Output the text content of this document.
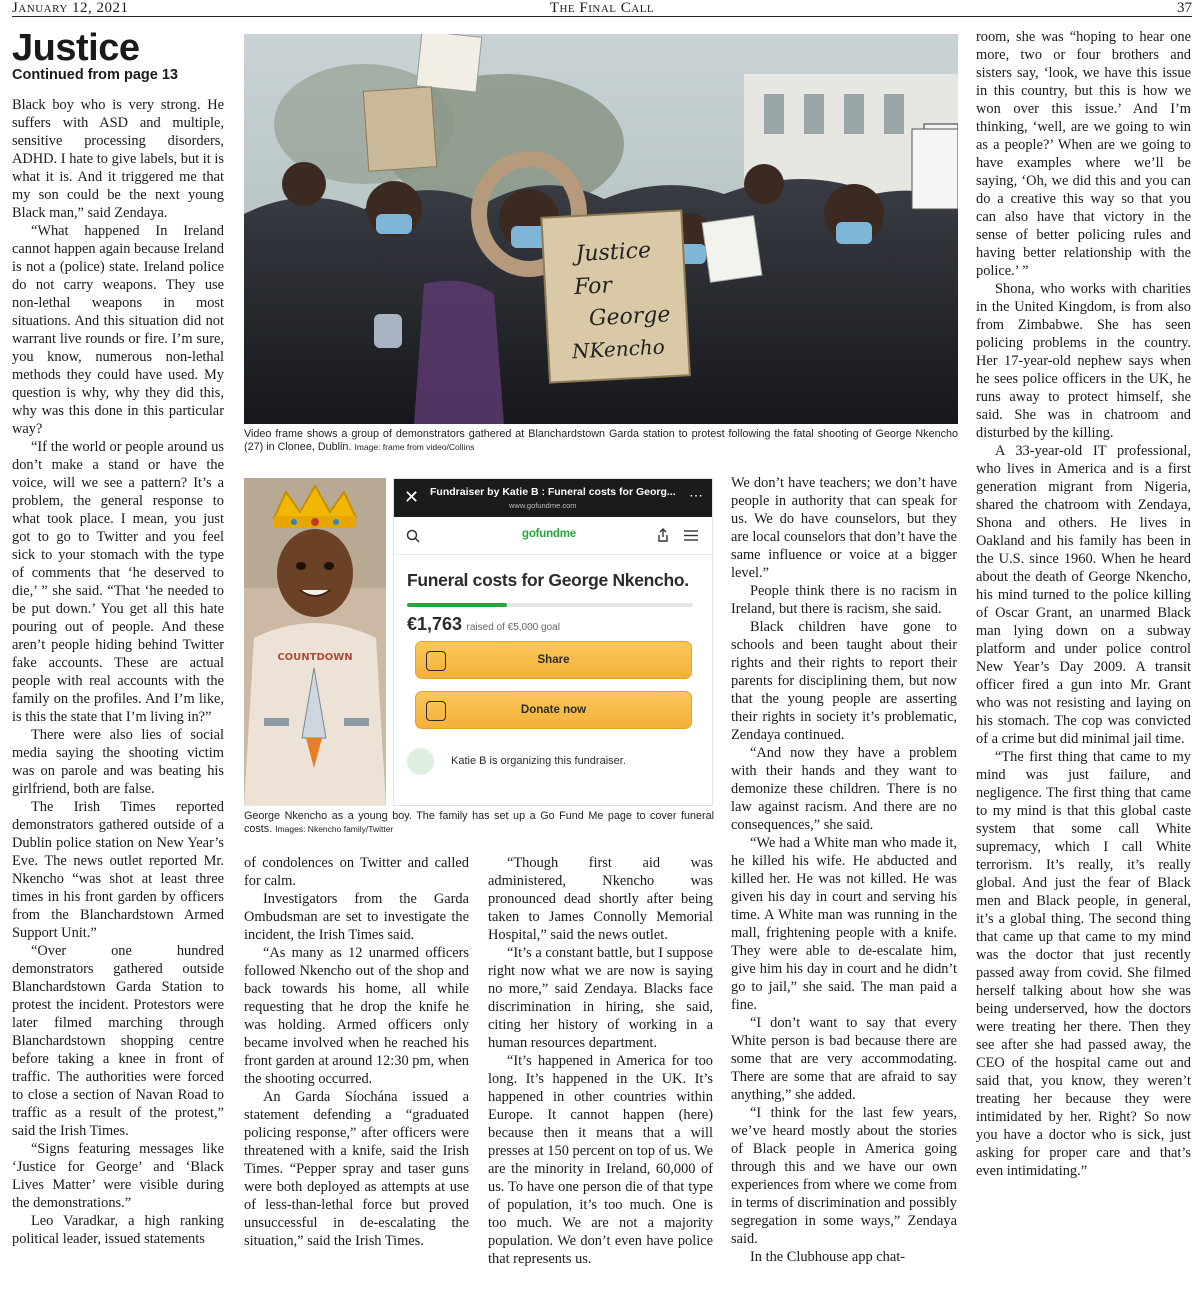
January 12, 2021	The Final Call	37
Justice
Continued from page 13

Black boy who is very strong. He suffers with ASD and multiple, sensitive processing disorders, ADHD. I hate to give labels, but it is what it is. And it triggered me that my son could be the next young Black man,” said Zendaya.

“What happened In Ireland cannot happen again because Ireland is not a (police) state. Ireland police do not carry weapons. They use non-lethal weapons in most situations. And this situation did not warrant live rounds or fire. I’m sure, you know, numerous non-lethal methods they could have used. My question is why, why they did this, why was this done in this particular way?

“If the world or people around us don’t make a stand or have the voice, will we see a pattern? It’s a problem, the general response to what took place. I mean, you just got to go to Twitter and you feel sick to your stomach with the type of comments that ‘he deserved to die,’ ” she said. “That ‘he needed to be put down.’ You get all this hate pouring out of people. And these aren’t people hiding behind Twitter fake accounts. These are actual people with real accounts with the family on the profiles. And I’m like, is this the state that I’m living in?”

There were also lies of social media saying the shooting victim was on parole and was beating his girlfriend, both are false.

The Irish Times reported demonstrators gathered outside of a Dublin police station on New Year’s Eve. The news outlet reported Mr. Nkencho “was shot at least three times in his front garden by officers from the Blanchardstown Armed Support Unit.”

“Over one hundred demonstrators gathered outside Blanchardstown Garda Station to protest the incident. Protestors were later filmed marching through Blanchardstown shopping centre before taking a knee in front of traffic. The authorities were forced to close a section of Navan Road to traffic as a result of the protest,” said the Irish Times.

“Signs featuring messages like ‘Justice for George’ and ‘Black Lives Matter’ were visible during the demonstrations.”

Leo Varadkar, a high ranking political leader, issued statements

Justice
For
George
NKencho
Video frame shows a group of demonstrators gathered at Blanchardstown Garda station to protest following the fatal shooting of George Nkencho (27) in Clonee, Dublin. Image: frame from video/Collins
COUNTDOWN
✕ Fundraiser by Katie B : Funeral costs for Georg...
www.gofundme.com
⋯
gofundme
Funeral costs for George Nkencho.
€1,763 raised of €5,000 goal
Share
Donate now
Katie B is organizing this fundraiser.
George Nkencho as a young boy. The family has set up a Go Fund Me page to cover funeral costs. Images: Nkencho family/Twitter

of condolences on Twitter and called for calm.

Investigators from the Garda Ombudsman are set to investigate the incident, the Irish Times said.

“As many as 12 unarmed officers followed Nkencho out of the shop and back towards his home, all while requesting that he drop the knife he was holding. Armed officers only became involved when he reached his front garden at around 12:30 pm, when the shooting occurred.

An Garda Síochána issued a statement defending a “graduated policing response,” after officers were threatened with a knife, said the Irish Times. “Pepper spray and taser guns were both deployed as attempts at use of less-than-lethal force but proved unsuccessful in de-escalating the situation,” said the Irish Times.

“Though first aid was administered, Nkencho was pronounced dead shortly after being taken to James Connolly Memorial Hospital,” said the news outlet.

“It’s a constant battle, but I suppose right now what we are now is saying no more,” said Zendaya. Blacks face discrimination in hiring, she said, citing her history of working in a human resources department.

“It’s happened in America for too long. It’s happened in the UK. It’s happened in other countries within Europe. It cannot happen (here) because then it means that a will presses at 150 percent on top of us. We are the minority in Ireland, 60,000 of us. To have one person die of that type of population, it’s too much. One is too much. We are not a majority population. We don’t even have police that represents us.

We don’t have teachers; we don’t have people in authority that can speak for us. We do have counselors, but they are local counselors that don’t have the same influence or voice at a bigger level.”

People think there is no racism in Ireland, but there is racism, she said.

Black children have gone to schools and been taught about their rights and their rights to report their parents for disciplining them, but now that the young people are asserting their rights in society it’s problematic, Zendaya continued.

“And now they have a problem with their hands and they want to demonize these children. There is no law against racism. And there are no consequences,” she said.

“We had a White man who made it, he killed his wife. He abducted and killed her. He was not killed. He was given his day in court and serving his time. A White man was running in the mall, frightening people with a knife. They were able to de-escalate him, give him his day in court and he didn’t go to jail,” she said. The man paid a fine.

“I don’t want to say that every White person is bad because there are some that are very accommodating. There are some that are afraid to say anything,” she added.

“I think for the last few years, we’ve heard mostly about the stories of Black people in America going through this and we have our own experiences from where we come from in terms of discrimination and possibly segregation in some ways,” Zendaya said.

In the Clubhouse app chat-

room, she was “hoping to hear one more, two or four brothers and sisters say, ‘look, we have this issue in this country, but this is how we won over this issue.’ And I’m thinking, ‘well, are we going to win as a people?’ When are we going to have examples where we’ll be saying, ‘Oh, we did this and you can do a creative this way so that you can also have that victory in the sense of better policing rules and having better relationship with the police.’ ”

Shona, who works with charities in the United Kingdom, is from also from Zimbabwe. She has seen policing problems in the country. Her 17-year-old nephew says when he sees police officers in the UK, he runs away to protect himself, she said. She was in chatroom and disturbed by the killing.

A 33-year-old IT professional, who lives in America and is a first generation migrant from Nigeria, shared the chatroom with Zendaya, Shona and others. He lives in Oakland and his family has been in the U.S. since 1960. When he heard about the death of George Nkencho, his mind turned to the police killing of Oscar Grant, an unarmed Black man lying down on a subway platform and under police control New Year’s Day 2009. A transit officer fired a gun into Mr. Grant who was not resisting and laying on his stomach. The cop was convicted of a crime but did minimal jail time.

“The first thing that came to my mind was just failure, and negligence. The first thing that came to my mind is that this global caste system that some call White supremacy, which I call White terrorism. It’s really, it’s really global. And just the fear of Black men and Black people, in general, it’s a global thing. The second thing that came up that came to my mind was the doctor that just recently passed away from covid. She filmed herself talking about how she was being underserved, how the doctors were treating her there. Then they see after she had passed away, the CEO of the hospital came out and said that, you know, they weren’t treating her because they were intimidated by her. Right? So now you have a doctor who is sick, just asking for proper care and that’s even intimidating.”
